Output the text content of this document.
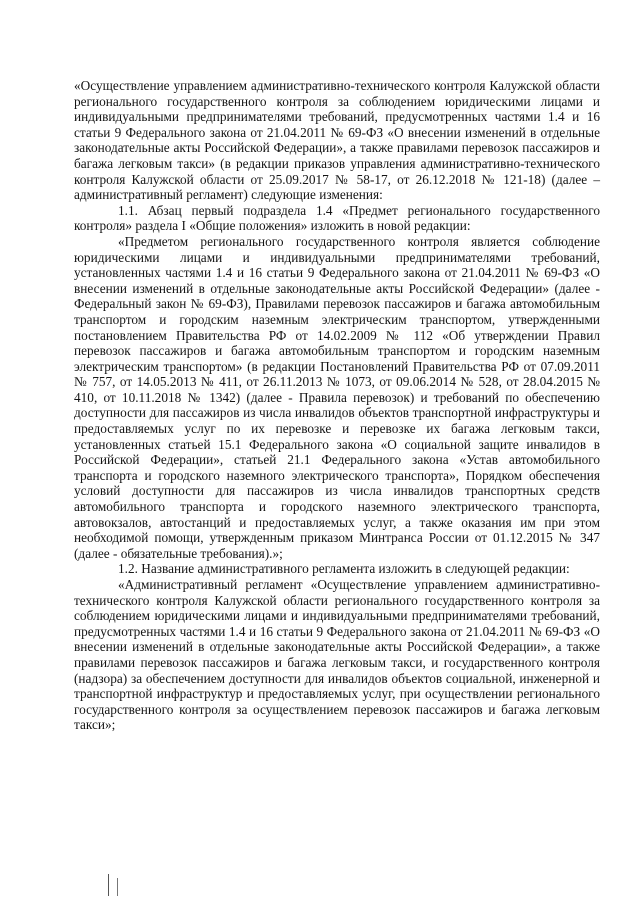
«Осуществление управлением административно-технического контроля Калужской области регионального государственного контроля за соблюдением юридическими лицами и индивидуальными предпринимателями требований, предусмотренных частями 1.4 и 16 статьи 9 Федерального закона от 21.04.2011 № 69-ФЗ «О внесении изменений в отдельные законодательные акты Российской Федерации», а также правилами перевозок пассажиров и багажа легковым такси» (в редакции приказов управления административно-технического контроля Калужской области от 25.09.2017 № 58-17, от 26.12.2018 № 121-18) (далее – административный регламент) следующие изменения:

1.1. Абзац первый подраздела 1.4 «Предмет регионального государственного контроля» раздела I «Общие положения» изложить в новой редакции:

«Предметом регионального государственного контроля является соблюдение юридическими лицами и индивидуальными предпринимателями требований, установленных частями 1.4 и 16 статьи 9 Федерального закона от 21.04.2011 № 69-ФЗ «О внесении изменений в отдельные законодательные акты Российской Федерации» (далее - Федеральный закон № 69-ФЗ), Правилами перевозок пассажиров и багажа автомобильным транспортом и городским наземным электрическим транспортом, утвержденными постановлением Правительства РФ от 14.02.2009 № 112 «Об утверждении Правил перевозок пассажиров и багажа автомобильным транспортом и городским наземным электрическим транспортом» (в редакции Постановлений Правительства РФ от 07.09.2011 № 757, от 14.05.2013 № 411, от 26.11.2013 № 1073, от 09.06.2014 № 528, от 28.04.2015 № 410, от 10.11.2018 № 1342) (далее - Правила перевозок) и требований по обеспечению доступности для пассажиров из числа инвалидов объектов транспортной инфраструктуры и предоставляемых услуг по их перевозке и перевозке их багажа легковым такси, установленных статьей 15.1 Федерального закона «О социальной защите инвалидов в Российской Федерации», статьей 21.1 Федерального закона «Устав автомобильного транспорта и городского наземного электрического транспорта», Порядком обеспечения условий доступности для пассажиров из числа инвалидов транспортных средств автомобильного транспорта и городского наземного электрического транспорта, автовокзалов, автостанций и предоставляемых услуг, а также оказания им при этом необходимой помощи, утвержденным приказом Минтранса России от 01.12.2015 № 347 (далее - обязательные требования).»;

1.2. Название административного регламента изложить в следующей редакции:

«Административный регламент «Осуществление управлением административно-технического контроля Калужской области регионального государственного контроля за соблюдением юридическими лицами и индивидуальными предпринимателями требований, предусмотренных частями 1.4 и 16 статьи 9 Федерального закона от 21.04.2011 № 69-ФЗ «О внесении изменений в отдельные законодательные акты Российской Федерации», а также правилами перевозок пассажиров и багажа легковым такси, и государственного контроля (надзора) за обеспечением доступности для инвалидов объектов социальной, инженерной и транспортной инфраструктур и предоставляемых услуг, при осуществлении регионального государственного контроля за осуществлением перевозок пассажиров и багажа легковым такси»;
